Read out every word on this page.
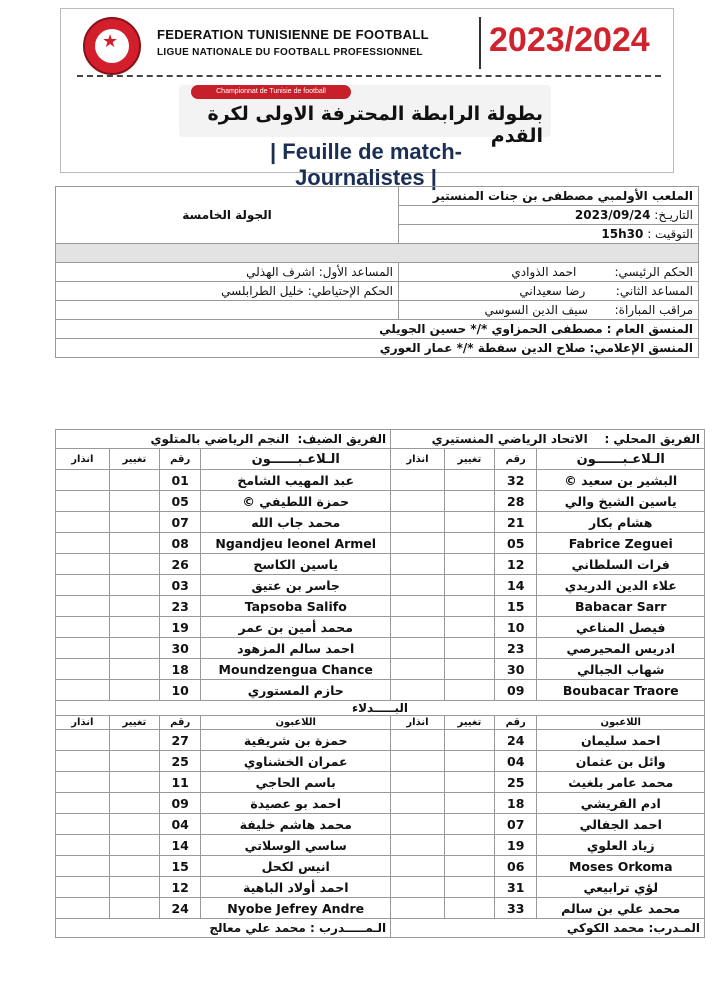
★	FEDERATION TUNISIENNE DE FOOTBALL
LIGUE NATIONALE DU FOOTBALL PROFESSIONNEL 2023/2024
Championnat de Tunisie de football
بطولة الرابطة المحترفة الاولى لكرة القدم
| Feuille de match- Journalistes |
الملعب الأولمبي مصطفى بن جنات المنستير	الجولة الخامسة
التاريـخ: 2023/09/24	
التوقيت : 15h30	

الحكم الرئيسي:          احمد الذوادي	المساعد الأول: اشرف الهذلي
المساعد الثاني:        رضا سعيداني	الحكم الإحتياطي: خليل الطرابلسي
مراقب المباراة:       سيف الدين السوسي	
المنسق العام : مصطفى الحمزاوي */* حسين الجويلي	
المنسق الإعلامي: صلاح الدين سفطة */* عمار العوري	
الفريق المحلي :    الاتحاد الرياضي المنستيري				الفريق الضيف:  النجم الرياضي بالمتلوي			
الـلاعـبــــــون	رقم	تغيير	انذار	الـلاعـبــــــون	رقم	تغيير	انذار
البشير بن سعيد ©	32			عبد المهيب الشامخ	01		
ياسين الشيخ والي	28			حمزة اللطيفي ©	05		
هشام بكار	21			محمد جاب الله	07		
Fabrice Zeguei	05			Ngandjeu leonel Armel	08		
فرات السلطاني	12			ياسين الكاسح	26		
علاء الدين الدريدي	14			جاسر بن عتيق	03		
Babacar Sarr	15			Tapsoba Salifo	23		
فيصل المناعي	10			محمد أمين بن عمر	19		
ادريس المحيرصي	23			احمد سالم المزهود	30		
شهاب الجبالي	30			Moundzengua Chance	18		
Boubacar Traore	09			حازم المستوري	10		
البـــــدلاء							
اللاعبون	رقم	تغيير	انذار	اللاعبون	رقم	تغيير	انذار
احمد سليمان	24			حمزة بن شريفية	27		
وائل بن عثمان	04			عمران الخشناوي	25		
محمد عامر بلغيث	25			باسم الحاجي	11		
ادم القريشي	18			احمد بو عصيدة	09		
احمد الجفالي	07			محمد هاشم خليفة	04		
زياد العلوي	19			ساسي الوسلاتي	14		
Moses Orkoma	06			انيس لكحل	15		
لؤي ترابيعي	31			احمد أولاد الباهية	12		
محمد علي بن سالم	33			Nyobe Jefrey Andre	24		
المـدرب: محمد الكوكي				الـمـــــدرب : محمد علي معالج			
